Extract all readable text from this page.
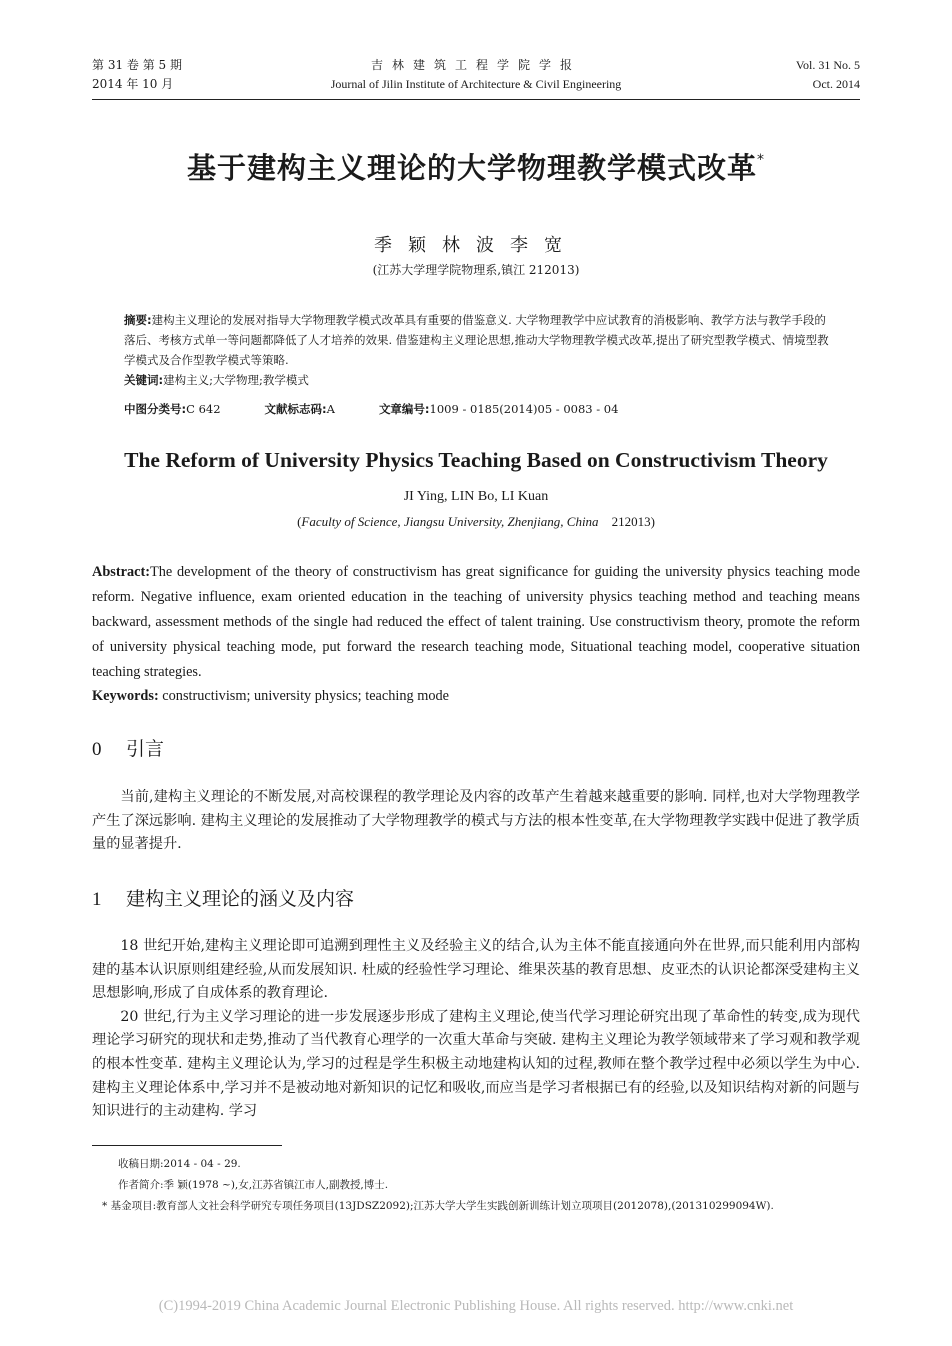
第 31 卷 第 5 期
2014 年 10 月
吉林建筑工程学院学报
Journal of Jilin Institute of Architecture & Civil Engineering
Vol. 31 No. 5
Oct. 2014
基于建构主义理论的大学物理教学模式改革*
季颖林波李宽
(江苏大学理学院物理系,镇江 212013)
摘要:建构主义理论的发展对指导大学物理教学模式改革具有重要的借鉴意义. 大学物理教学中应试教育的消极影响、教学方法与教学手段的落后、考核方式单一等问题都降低了人才培养的效果. 借鉴建构主义理论思想,推动大学物理教学模式改革,提出了研究型教学模式、情境型教学模式及合作型教学模式等策略.
关键词:建构主义;大学物理;教学模式
中图分类号:C 642	文献标志码:A	文章编号:1009 - 0185(2014)05 - 0083 - 04
The Reform of University Physics Teaching Based on Constructivism Theory
JI Ying, LIN Bo, LI Kuan
(Faculty of Science, Jiangsu University, Zhenjiang, China 212013)
Abstract:The development of the theory of constructivism has great significance for guiding the university physics teaching mode reform. Negative influence, exam oriented education in the teaching of university physics teaching method and teaching means backward, assessment methods of the single had reduced the effect of talent training. Use constructivism theory, promote the reform of university physical teaching mode, put forward the research teaching mode, Situational teaching model, cooperative situation teaching strategies.
Keywords: constructivism; university physics; teaching mode
0 引言

当前,建构主义理论的不断发展,对高校课程的教学理论及内容的改革产生着越来越重要的影响. 同样,也对大学物理教学产生了深远影响. 建构主义理论的发展推动了大学物理教学的模式与方法的根本性变革,在大学物理教学实践中促进了教学质量的显著提升.

1 建构主义理论的涵义及内容

18 世纪开始,建构主义理论即可追溯到理性主义及经验主义的结合,认为主体不能直接通向外在世界,而只能利用内部构建的基本认识原则组建经验,从而发展知识. 杜威的经验性学习理论、维果茨基的教育思想、皮亚杰的认识论都深受建构主义思想影响,形成了自成体系的教育理论.

20 世纪,行为主义学习理论的进一步发展逐步形成了建构主义理论,使当代学习理论研究出现了革命性的转变,成为现代理论学习研究的现状和走势,推动了当代教育心理学的一次重大革命与突破. 建构主义理论为教学领域带来了学习观和教学观的根本性变革. 建构主义理论认为,学习的过程是学生积极主动地建构认知的过程,教师在整个教学过程中必须以学生为中心. 建构主义理论体系中,学习并不是被动地对新知识的记忆和吸收,而应当是学习者根据已有的经验,以及知识结构对新的问题与知识进行的主动建构. 学习

收稿日期:2014 - 04 - 29.
作者简介:季 颖(1978 ~),女,江苏省镇江市人,副教授,博士.
* 基金项目:教育部人文社会科学研究专项任务项目(13JDSZ2092);江苏大学大学生实践创新训练计划立项项目(2012078),(201310299094W).
(C)1994-2019 China Academic Journal Electronic Publishing House. All rights reserved. http://www.cnki.net
